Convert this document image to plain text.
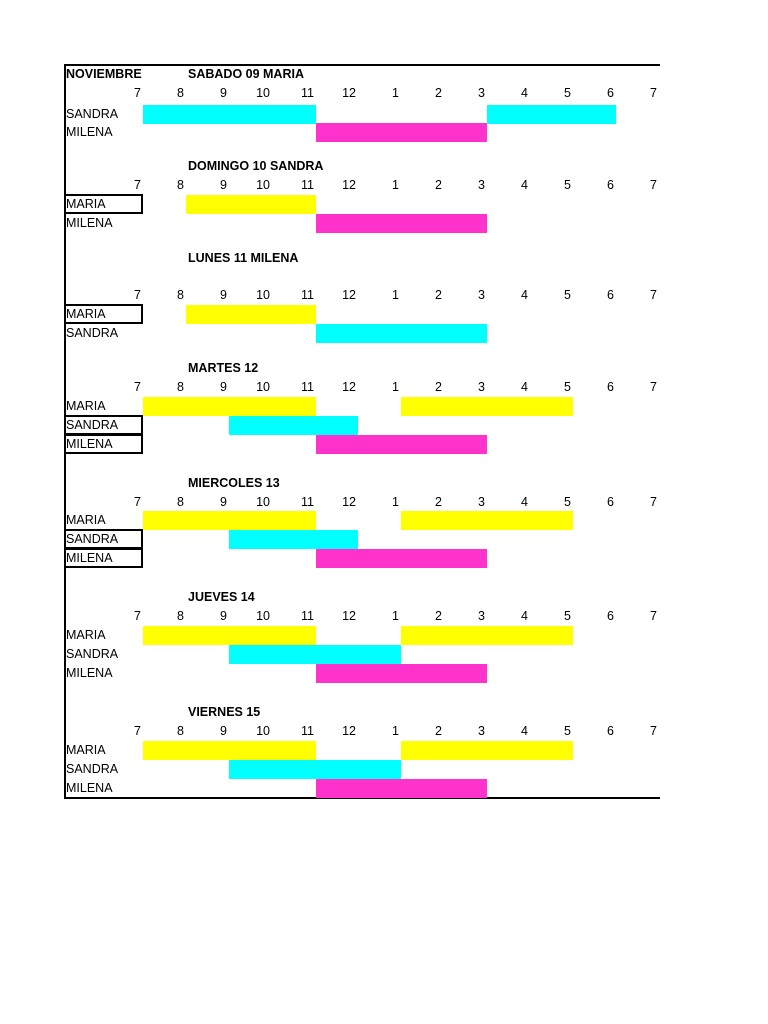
NOVIEMBRE	SABADO 09 MARIA
7	8	9	10	11	12	1	2	3	4	5	6	7
SANDRA
MILENA
DOMINGO 10 SANDRA
7	8	9	10	11	12	1	2	3	4	5	6	7
MARIA
MILENA
LUNES 11 MILENA
7	8	9	10	11	12	1	2	3	4	5	6	7
MARIA
SANDRA
MARTES 12
7	8	9	10	11	12	1	2	3	4	5	6	7
MARIA
SANDRA
MILENA
MIERCOLES 13
7	8	9	10	11	12	1	2	3	4	5	6	7
MARIA
SANDRA
MILENA
JUEVES 14
7	8	9	10	11	12	1	2	3	4	5	6	7
MARIA
SANDRA
MILENA
VIERNES 15
7	8	9	10	11	12	1	2	3	4	5	6	7
MARIA
SANDRA
MILENA
